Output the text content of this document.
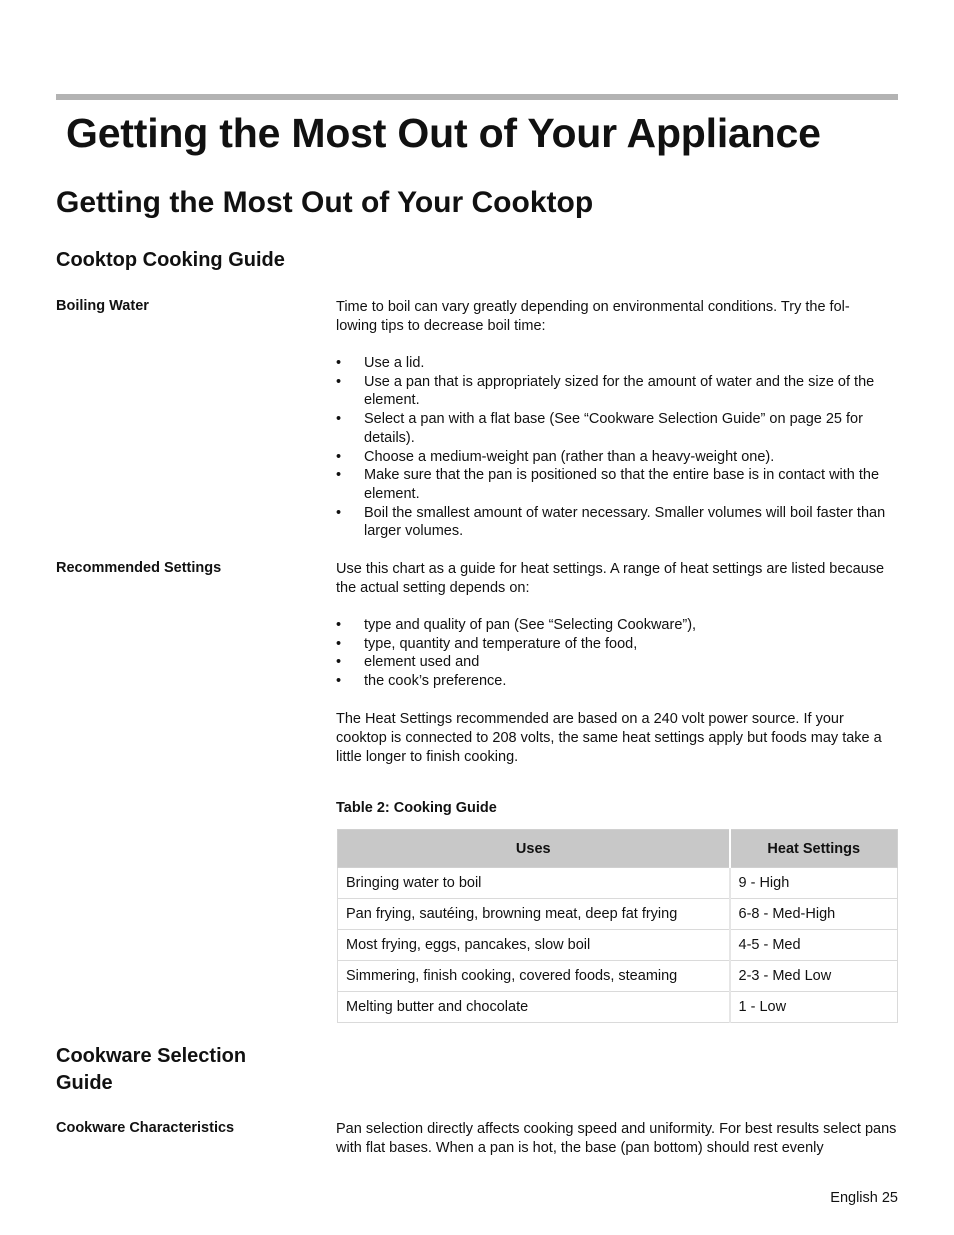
Getting the Most Out of Your Appliance
Getting the Most Out of Your Cooktop
Cooktop Cooking Guide
Boiling Water	Time to boil can vary greatly depending on environmental conditions. Try the fol-
lowing tips to decrease boil time:
• Use a lid.
• Use a pan that is appropriately sized for the amount of water and the size of the element.
• Select a pan with a flat base (See “Cookware Selection Guide” on page 25 for details).
• Choose a medium-weight pan (rather than a heavy-weight one).
• Make sure that the pan is positioned so that the entire base is in contact with the element.
• Boil the smallest amount of water necessary. Smaller volumes will boil faster than larger volumes.
Recommended Settings	Use this chart as a guide for heat settings. A range of heat settings are listed because the actual setting depends on:
• type and quality of pan (See “Selecting Cookware”),
• type, quantity and temperature of the food,
• element used and
• the cook’s preference.
The Heat Settings recommended are based on a 240 volt power source. If your cooktop is connected to 208 volts, the same heat settings apply but foods may take a little longer to finish cooking.
Table 2: Cooking Guide
Uses	Heat Settings
Bringing water to boil	9 - High
Pan frying, sautéing, browning meat, deep fat frying	6-8 - Med-High
Most frying, eggs, pancakes, slow boil	4-5 - Med
Simmering, finish cooking, covered foods, steaming	2-3 - Med Low
Melting butter and chocolate	1 - Low
Cookware Selection Guide
Cookware Characteristics	Pan selection directly affects cooking speed and uniformity. For best results select pans with flat bases. When a pan is hot, the base (pan bottom) should rest evenly
English 25
